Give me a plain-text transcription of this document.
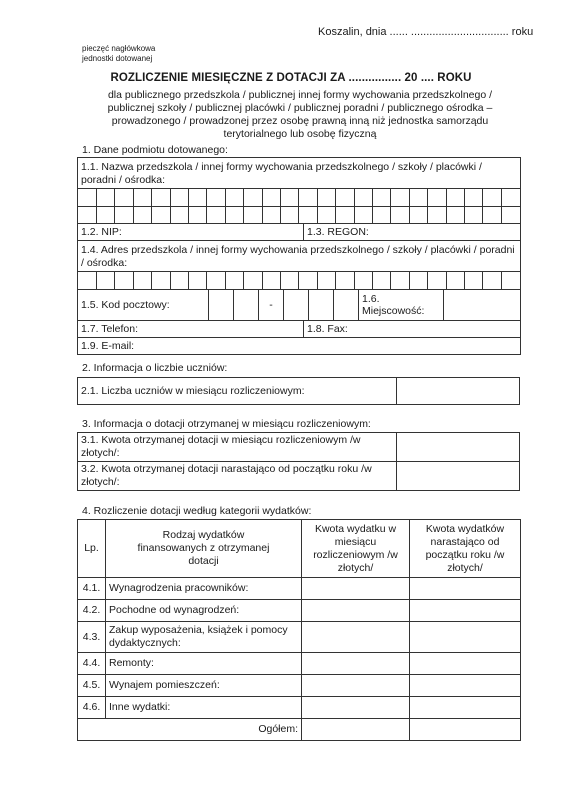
Koszalin, dnia ...... ................................ roku
pieczęć nagłówkowa
jednostki dotowanej
ROZLICZENIE MIESIĘCZNE Z DOTACJI ZA ................ 20 .... ROKU
dla publicznego przedszkola / publicznej innej formy wychowania przedszkolnego / publicznej szkoły / publicznej placówki / publicznej poradni / publicznego ośrodka – prowadzonego / prowadzonej przez osobę prawną inną niż jednostka samorządu terytorialnego lub osobę fizyczną
1. Dane podmiotu dotowanego:
1.1. Nazwa przedszkola / innej formy wychowania przedszkolnego / szkoły / placówki / poradni / ośrodka:

1.2. NIP:	1.3. REGON:

1.4. Adres przedszkola / innej formy wychowania przedszkolnego / szkoły / placówki / poradni / ośrodka:

1.5. Kod pocztowy:			-				1.6.
Miejscowość:

1.7. Telefon:	1.8. Fax:

1.9. E-mail:
2. Informacja o liczbie uczniów:
2.1. Liczba uczniów w miesiącu rozliczeniowym:	
3. Informacja o dotacji otrzymanej w miesiącu rozliczeniowym:
3.1. Kwota otrzymanej dotacji w miesiącu rozliczeniowym /w złotych/:	
3.2. Kwota otrzymanej dotacji narastająco od początku roku /w złotych/:	
4. Rozliczenie dotacji według kategorii wydatków:
Lp.	Rodzaj wydatków finansowanych z otrzymanej dotacji	Kwota wydatku w miesiącu rozliczeniowym /w złotych/	Kwota wydatków narastająco od początku roku /w złotych/
4.1.	Wynagrodzenia pracowników:		
4.2.	Pochodne od wynagrodzeń:		
4.3.	Zakup wyposażenia, książek i pomocy dydaktycznych:		
4.4.	Remonty:		
4.5.	Wynajem pomieszczeń:		
4.6.	Inne wydatki:		
Ogółem:			
